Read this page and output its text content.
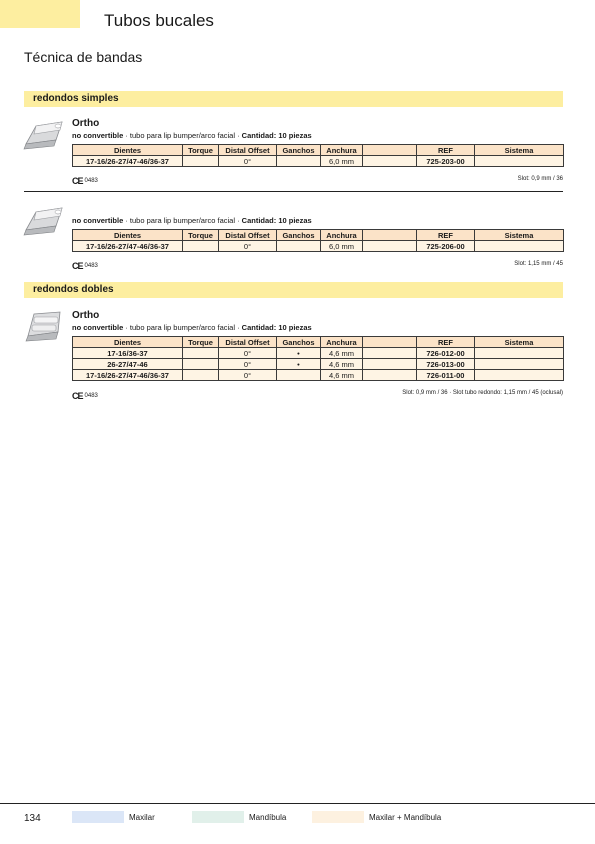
Tubos bucales
Técnica de bandas
redondos simples
Ortho
no convertible · tubo para lip bumper/arco facial · Cantidad: 10 piezas
Dientes	Torque	Distal Offset	Ganchos	Anchura		REF	Sistema
17-16/26-27/47-46/36-37		0°		6,0 mm		725-203-00	
CE 0483	Slot: 0,9 mm / 36
no convertible · tubo para lip bumper/arco facial · Cantidad: 10 piezas
Dientes	Torque	Distal Offset	Ganchos	Anchura		REF	Sistema
17-16/26-27/47-46/36-37		0°		6,0 mm		725-206-00	
CE 0483	Slot: 1,15 mm / 45
redondos dobles
Ortho
no convertible · tubo para lip bumper/arco facial · Cantidad: 10 piezas
Dientes	Torque	Distal Offset	Ganchos	Anchura		REF	Sistema
17-16/36-37		0°	•	4,6 mm		726-012-00	
26-27/47-46		0°	•	4,6 mm		726-013-00	
17-16/26-27/47-46/36-37		0°		4,6 mm		726-011-00	
CE 0483	Slot: 0,9 mm / 36 · Slot tubo redondo: 1,15 mm / 45 (oclusal)
134	Maxilar	Mandíbula	Maxilar + Mandíbula
